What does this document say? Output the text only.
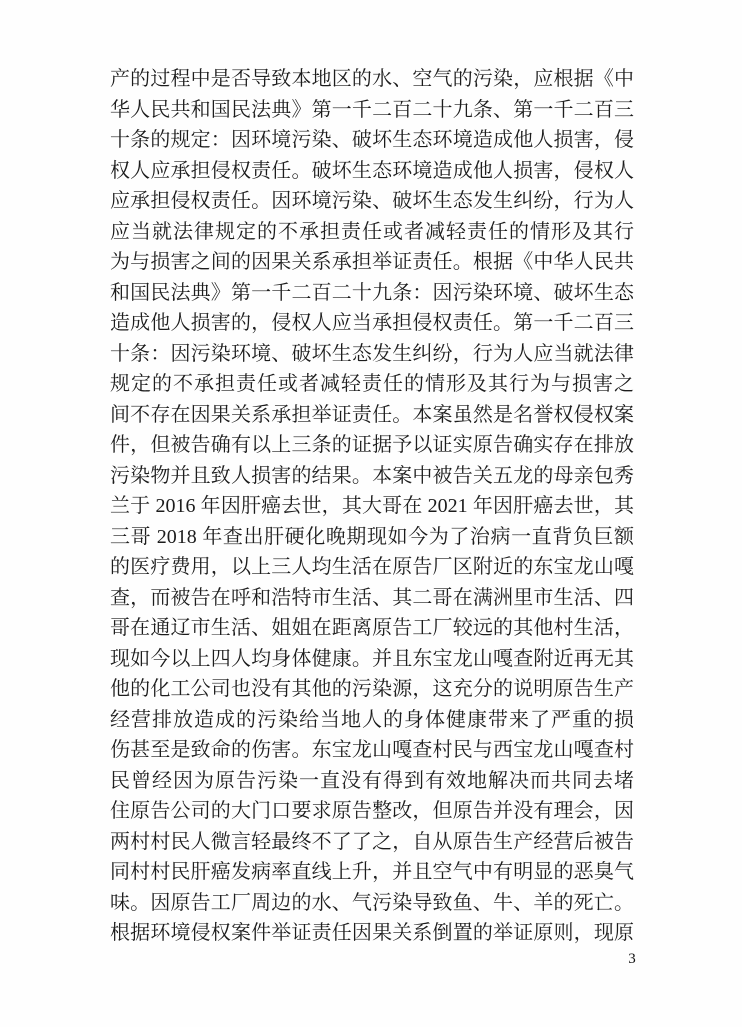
产的过程中是否导致本地区的水、空气的污染，应根据《中
华人民共和国民法典》第一千二百二十九条、第一千二百三
十条的规定：因环境污染、破坏生态环境造成他人损害，侵
权人应承担侵权责任。破坏生态环境造成他人损害，侵权人
应承担侵权责任。因环境污染、破坏生态发生纠纷，行为人
应当就法律规定的不承担责任或者减轻责任的情形及其行
为与损害之间的因果关系承担举证责任。根据《中华人民共
和国民法典》第一千二百二十九条：因污染环境、破坏生态
造成他人损害的，侵权人应当承担侵权责任。第一千二百三
十条：因污染环境、破坏生态发生纠纷，行为人应当就法律
规定的不承担责任或者减轻责任的情形及其行为与损害之
间不存在因果关系承担举证责任。本案虽然是名誉权侵权案
件，但被告确有以上三条的证据予以证实原告确实存在排放
污染物并且致人损害的结果。本案中被告关五龙的母亲包秀
兰于 2016 年因肝癌去世，其大哥在 2021 年因肝癌去世，其
三哥 2018 年查出肝硬化晚期现如今为了治病一直背负巨额
的医疗费用，以上三人均生活在原告厂区附近的东宝龙山嘎
查，而被告在呼和浩特市生活、其二哥在满洲里市生活、四
哥在通辽市生活、姐姐在距离原告工厂较远的其他村生活，
现如今以上四人均身体健康。并且东宝龙山嘎查附近再无其
他的化工公司也没有其他的污染源，这充分的说明原告生产
经营排放造成的污染给当地人的身体健康带来了严重的损
伤甚至是致命的伤害。东宝龙山嘎查村民与西宝龙山嘎查村
民曾经因为原告污染一直没有得到有效地解决而共同去堵
住原告公司的大门口要求原告整改，但原告并没有理会，因
两村村民人微言轻最终不了了之，自从原告生产经营后被告
同村村民肝癌发病率直线上升，并且空气中有明显的恶臭气
味。因原告工厂周边的水、气污染导致鱼、牛、羊的死亡。
根据环境侵权案件举证责任因果关系倒置的举证原则，现原
3
